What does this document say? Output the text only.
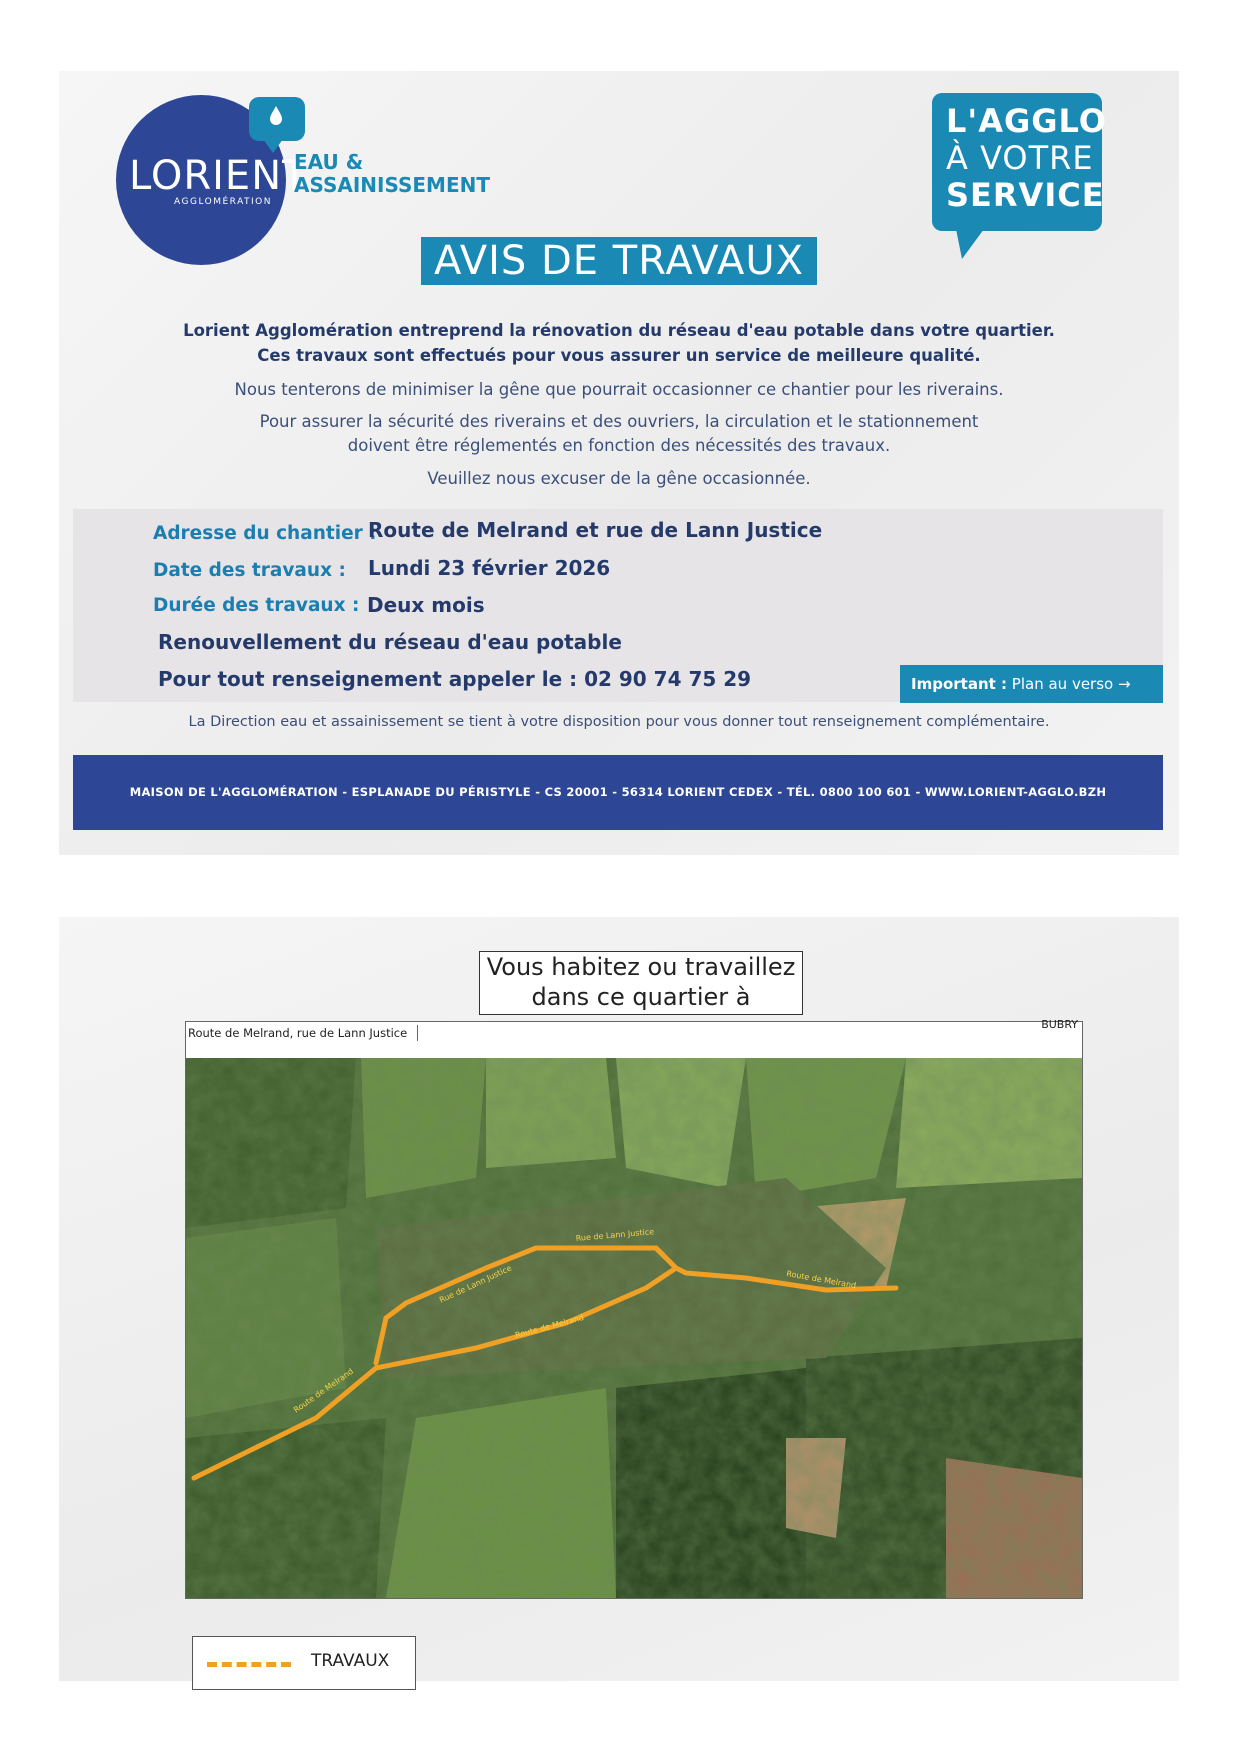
LORIENT
AGGLOMÉRATION
EAU &
ASSAINISSEMENT
L'AGGLO
À VOTRE
SERVICE
AVIS DE TRAVAUX
Lorient Agglomération entreprend la rénovation du réseau d'eau potable dans votre quartier.
Ces travaux sont effectués pour vous assurer un service de meilleure qualité.
Nous tenterons de minimiser la gêne que pourrait occasionner ce chantier pour les riverains.
Pour assurer la sécurité des riverains et des ouvriers, la circulation et le stationnement
doivent être réglementés en fonction des nécessités des travaux.
Veuillez nous excuser de la gêne occasionnée.
Adresse du chantier :
Route de Melrand et rue de Lann Justice
Date des travaux : Lundi 23 février 2026
Durée des travaux : Deux mois
Renouvellement du réseau d'eau potable
Pour tout renseignement appeler le : 02 90 74 75 29	Important : Plan au verso →
La Direction eau et assainissement se tient à votre disposition pour vous donner tout renseignement complémentaire.
MAISON DE L'AGGLOMÉRATION - ESPLANADE DU PÉRISTYLE - CS 20001 - 56314 LORIENT CEDEX - TÉL. 0800 100 601 - WWW.LORIENT-AGGLO.BZH
Vous habitez ou travaillez
dans ce quartier à
Route de Melrand, rue de Lann Justice
BUBRY
Rue de Lann Justice
Rue de Lann Justice
Route de Melrand
Route de Melrand
Route de Melrand
TRAVAUX
